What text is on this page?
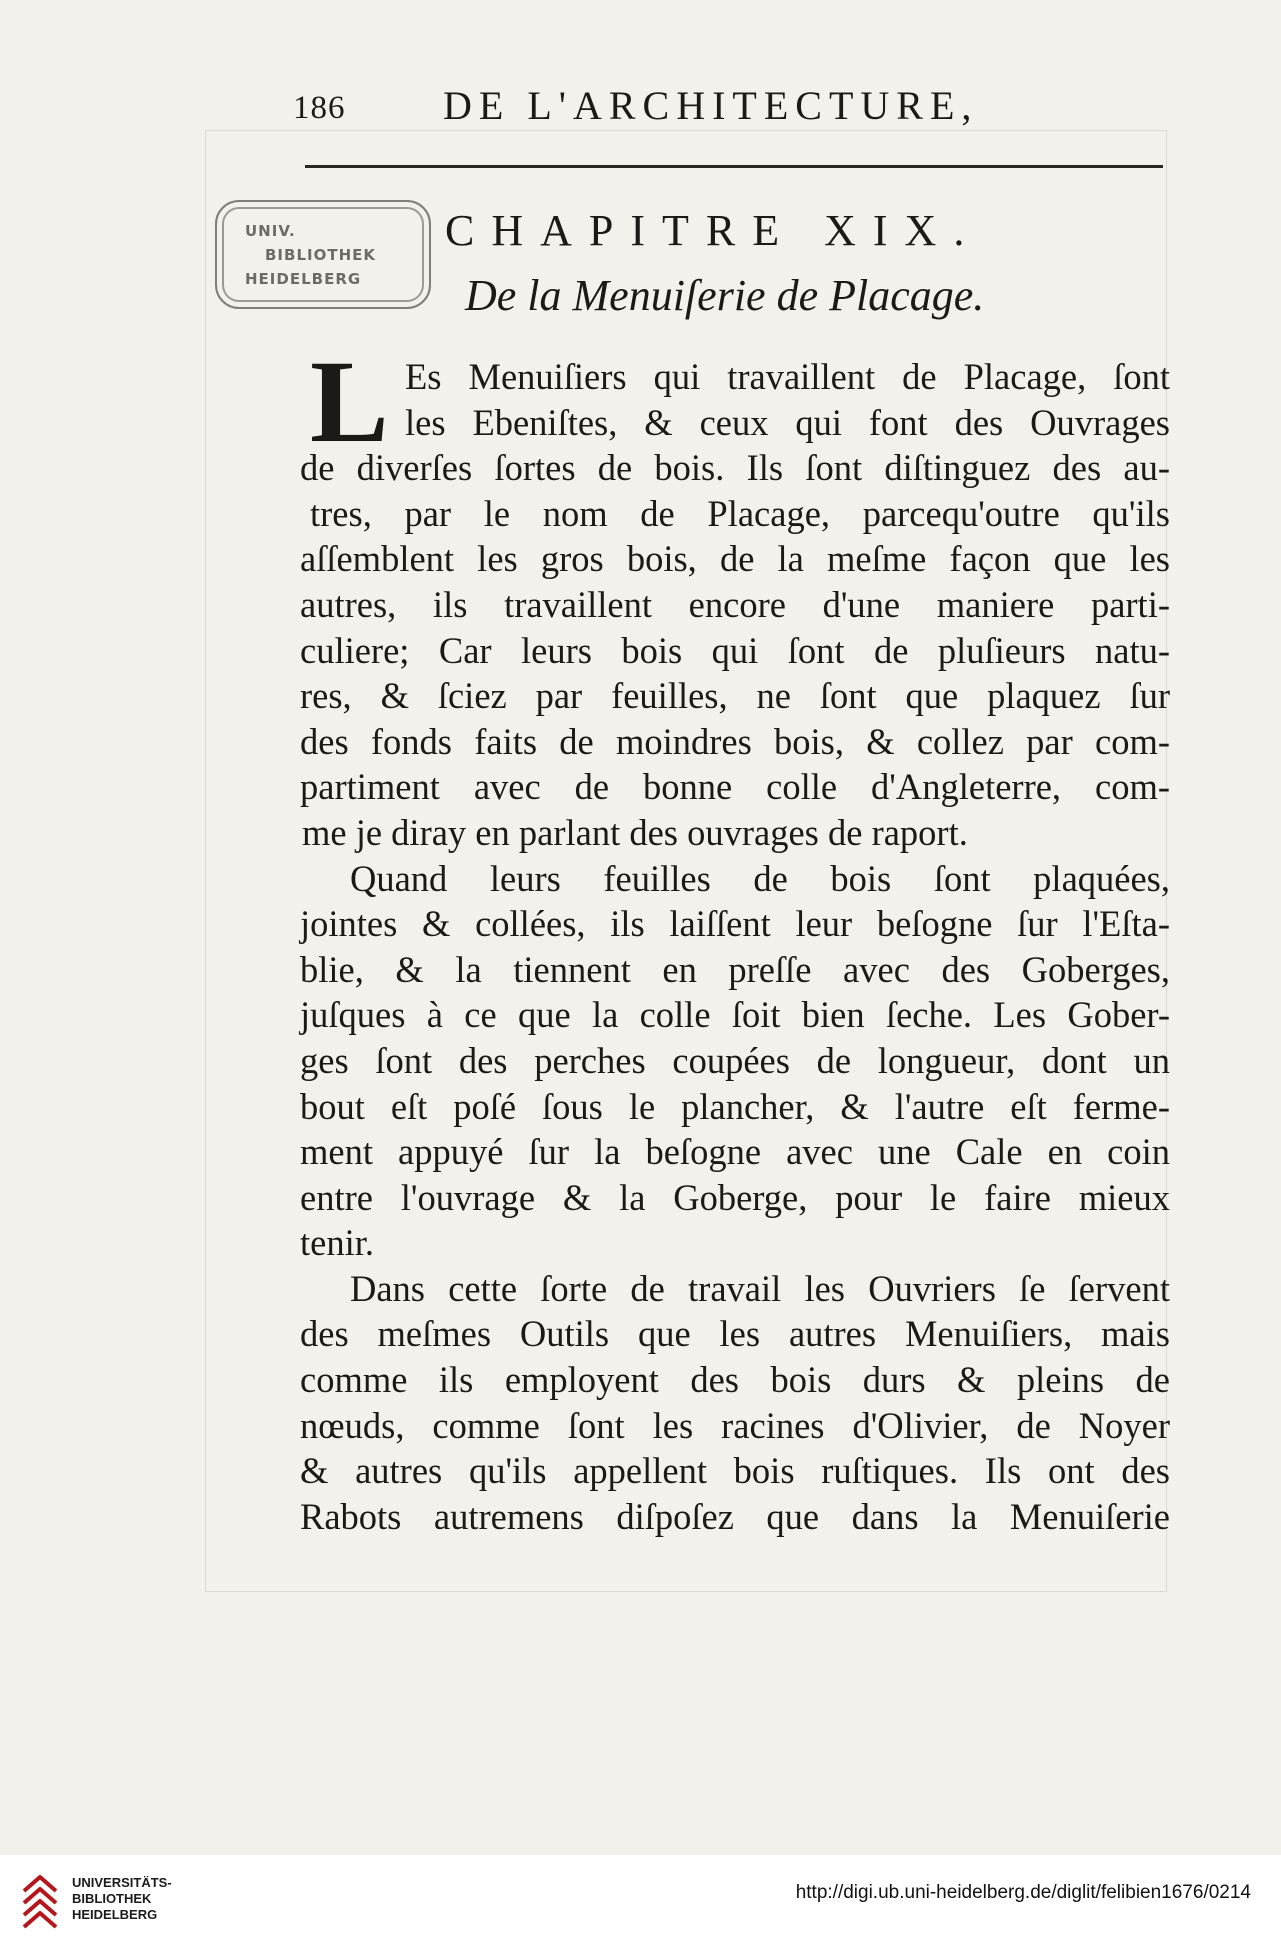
186 DE L'ARCHITECTURE,
UNIV.
BIBLIOTHEK
HEIDELBERG
CHAPITRE XIX.
De la Menuiſerie de Placage.
L Es Menuiſiers qui travaillent de Placage, ſont
les Ebeniſtes, & ceux qui font des Ouvrages
de diverſes ſortes de bois. Ils ſont diſtinguez des au-
tres, par le nom de Placage, parcequ'outre qu'ils
aſſemblent les gros bois, de la meſme façon que les
autres, ils travaillent encore d'une maniere parti-
culiere; Car leurs bois qui ſont de pluſieurs natu-
res, & ſciez par feuilles, ne ſont que plaquez ſur
des fonds faits de moindres bois, & collez par com-
partiment avec de bonne colle d'Angleterre, com-
me je diray en parlant des ouvrages de raport.
Quand leurs feuilles de bois ſont plaquées,
jointes & collées, ils laiſſent leur beſogne ſur l'Eſta-
blie, & la tiennent en preſſe avec des Goberges,
juſques à ce que la colle ſoit bien ſeche. Les Gober-
ges ſont des perches coupées de longueur, dont un
bout eſt poſé ſous le plancher, & l'autre eſt ferme-
ment appuyé ſur la beſogne avec une Cale en coin
entre l'ouvrage & la Goberge, pour le faire mieux
tenir.
Dans cette ſorte de travail les Ouvriers ſe ſervent
des meſmes Outils que les autres Menuiſiers, mais
comme ils employent des bois durs & pleins de
nœuds, comme ſont les racines d'Olivier, de Noyer
& autres qu'ils appellent bois ruſtiques. Ils ont des
Rabots autremens diſpoſez que dans la Menuiſerie
UNIVERSITÄTS-
BIBLIOTHEK
HEIDELBERG
http://digi.ub.uni-heidelberg.de/diglit/felibien1676/0214
